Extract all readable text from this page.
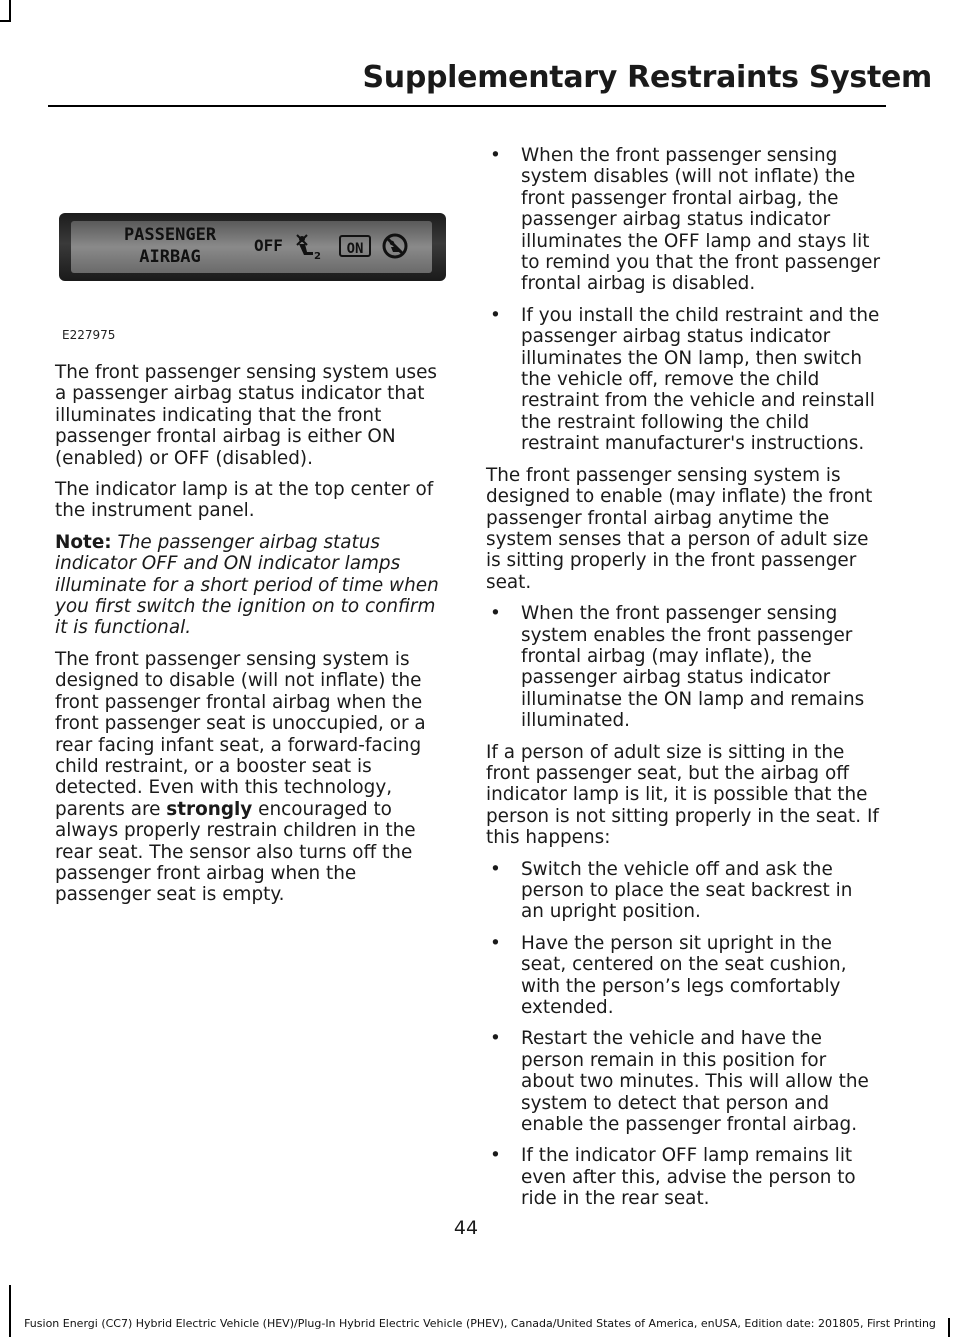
Supplementary Restraints System
PASSENGER
AIRBAG
OFF
2	ON
E227975

The front passenger sensing system uses a passenger airbag status indicator that illuminates indicating that the front passenger frontal airbag is either ON (enabled) or OFF (disabled).

The indicator lamp is at the top center of the instrument panel.

Note: The passenger airbag status indicator OFF and ON indicator lamps illuminate for a short period of time when you first switch the ignition on to confirm it is functional.

The front passenger sensing system is designed to disable (will not inflate) the front passenger frontal airbag when the front passenger seat is unoccupied, or a rear facing infant seat, a forward-facing child restraint, or a booster seat is detected. Even with this technology, parents are strongly encouraged to always properly restrain children in the rear seat. The sensor also turns off the passenger front airbag when the passenger seat is empty.

• When the front passenger sensing system disables (will not inflate) the front passenger frontal airbag, the passenger airbag status indicator illuminates the OFF lamp and stays lit to remind you that the front passenger frontal airbag is disabled.
• If you install the child restraint and the passenger airbag status indicator illuminates the ON lamp, then switch the vehicle off, remove the child restraint from the vehicle and reinstall the restraint following the child restraint manufacturer's instructions.

The front passenger sensing system is designed to enable (may inflate) the front passenger frontal airbag anytime the system senses that a person of adult size is sitting properly in the front passenger seat.

• When the front passenger sensing system enables the front passenger frontal airbag (may inflate), the passenger airbag status indicator illuminatse the ON lamp and remains illuminated.

If a person of adult size is sitting in the front passenger seat, but the airbag off indicator lamp is lit, it is possible that the person is not sitting properly in the seat. If this happens:

• Switch the vehicle off and ask the person to place the seat backrest in an upright position.
• Have the person sit upright in the seat, centered on the seat cushion, with the person’s legs comfortably extended.
• Restart the vehicle and have the person remain in this position for about two minutes. This will allow the system to detect that person and enable the passenger frontal airbag.
• If the indicator OFF lamp remains lit even after this, advise the person to ride in the rear seat.
44
Fusion Energi (CC7) Hybrid Electric Vehicle (HEV)/Plug-In Hybrid Electric Vehicle (PHEV), Canada/United States of America, enUSA, Edition date: 201805, First Printing
